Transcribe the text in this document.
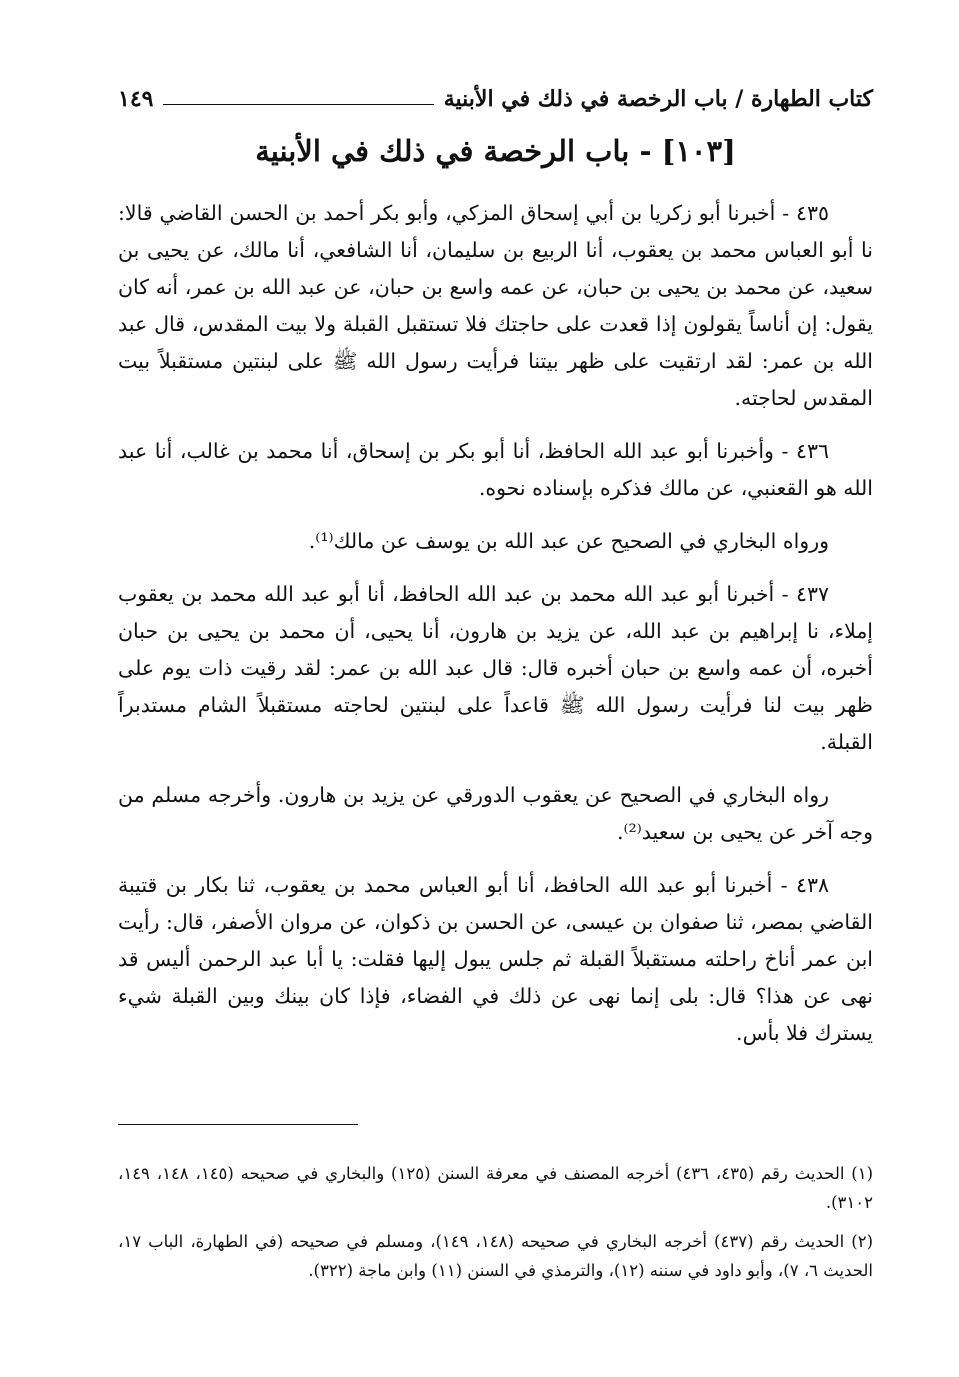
كتاب الطهارة / باب الرخصة في ذلك في الأبنية
١٤٩
[١٠٣] - باب الرخصة في ذلك في الأبنية

٤٣٥ - أخبرنا أبو زكريا بن أبي إسحاق المزكي، وأبو بكر أحمد بن الحسن القاضي قالا: نا أبو العباس محمد بن يعقوب، أنا الربيع بن سليمان، أنا الشافعي، أنا مالك، عن يحيى بن سعيد، عن محمد بن يحيى بن حبان، عن عمه واسع بن حبان، عن عبد الله بن عمر، أنه كان يقول: إن أناساً يقولون إذا قعدت على حاجتك فلا تستقبل القبلة ولا بيت المقدس، قال عبد الله بن عمر: لقد ارتقيت على ظهر بيتنا فرأيت رسول الله ﷺ على لبنتين مستقبلاً بيت المقدس لحاجته.

٤٣٦ - وأخبرنا أبو عبد الله الحافظ، أنا أبو بكر بن إسحاق، أنا محمد بن غالب، أنا عبد الله هو القعنبي، عن مالك فذكره بإسناده نحوه.

ورواه البخاري في الصحيح عن عبد الله بن يوسف عن مالك⁽¹⁾.

٤٣٧ - أخبرنا أبو عبد الله محمد بن عبد الله الحافظ، أنا أبو عبد الله محمد بن يعقوب إملاء، نا إبراهيم بن عبد الله، عن يزيد بن هارون، أنا يحيى، أن محمد بن يحيى بن حبان أخبره، أن عمه واسع بن حبان أخبره قال: قال عبد الله بن عمر: لقد رقيت ذات يوم على ظهر بيت لنا فرأيت رسول الله ﷺ قاعداً على لبنتين لحاجته مستقبلاً الشام مستدبراً القبلة.

رواه البخاري في الصحيح عن يعقوب الدورقي عن يزيد بن هارون. وأخرجه مسلم من وجه آخر عن يحيى بن سعيد⁽²⁾.

٤٣٨ - أخبرنا أبو عبد الله الحافظ، أنا أبو العباس محمد بن يعقوب، ثنا بكار بن قتيبة القاضي بمصر، ثنا صفوان بن عيسى، عن الحسن بن ذكوان، عن مروان الأصفر، قال: رأيت ابن عمر أناخ راحلته مستقبلاً القبلة ثم جلس يبول إليها فقلت: يا أبا عبد الرحمن أليس قد نهى عن هذا؟ قال: بلى إنما نهى عن ذلك في الفضاء، فإذا كان بينك وبين القبلة شيء يسترك فلا بأس.

(١) الحديث رقم (٤٣٥، ٤٣٦) أخرجه المصنف في معرفة السنن (١٢٥) والبخاري في صحيحه (١٤٥، ١٤٨، ١٤٩، ٣١٠٢).

(٢) الحديث رقم (٤٣٧) أخرجه البخاري في صحيحه (١٤٨، ١٤٩)، ومسلم في صحيحه (في الطهارة، الباب ١٧، الحديث ٦، ٧)، وأبو داود في سننه (١٢)، والترمذي في السنن (١١) وابن ماجة (٣٢٢).
